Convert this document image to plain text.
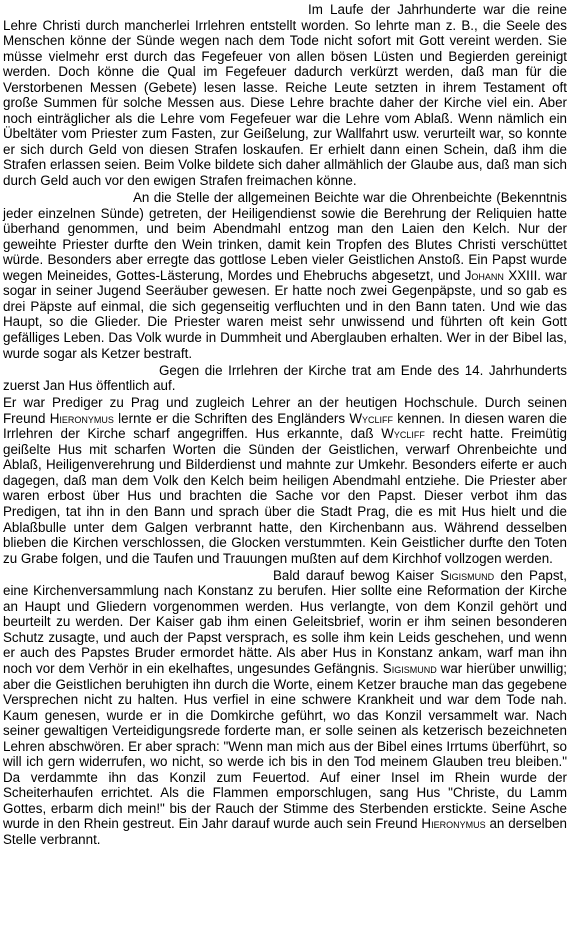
Im Laufe der Jahrhunderte war die reine Lehre Christi durch mancherlei Irrlehren entstellt worden. So lehrte man z. B., die Seele des Menschen könne der Sünde wegen nach dem Tode nicht sofort mit Gott vereint werden. Sie müsse vielmehr erst durch das Fegefeuer von allen bösen Lüsten und Begierden gereinigt werden. Doch könne die Qual im Fegefeuer dadurch verkürzt werden, daß man für die Verstorbenen Messen (Gebete) lesen lasse. Reiche Leute setzten in ihrem Testament oft große Summen für solche Messen aus. Diese Lehre brachte daher der Kirche viel ein. Aber noch einträglicher als die Lehre vom Fegefeuer war die Lehre vom Ablaß. Wenn nämlich ein Übeltäter vom Priester zum Fasten, zur Geißelung, zur Wallfahrt usw. verurteilt war, so konnte er sich durch Geld von diesen Strafen loskaufen. Er erhielt dann einen Schein, daß ihm die Strafen erlassen seien. Beim Volke bildete sich daher allmählich der Glaube aus, daß man sich durch Geld auch vor den ewigen Strafen freimachen könne.

An die Stelle der allgemeinen Beichte war die Ohrenbeichte (Bekenntnis jeder einzelnen Sünde) getreten, der Heiligendienst sowie die Berehrung der Reliquien hatte überhand genommen, und beim Abendmahl entzog man den Laien den Kelch. Nur der geweihte Priester durfte den Wein trinken, damit kein Tropfen des Blutes Christi verschüttet würde. Besonders aber erregte das gottlose Leben vieler Geistlichen Anstoß. Ein Papst wurde wegen Meineides, Gottes-Lästerung, Mordes und Ehebruchs abgesetzt, und Johann XXIII. war sogar in seiner Jugend Seeräuber gewesen. Er hatte noch zwei Gegenpäpste, und so gab es drei Päpste auf einmal, die sich gegenseitig verfluchten und in den Bann taten. Und wie das Haupt, so die Glieder. Die Priester waren meist sehr unwissend und führten oft kein Gott gefälliges Leben. Das Volk wurde in Dummheit und Aberglauben erhalten. Wer in der Bibel las, wurde sogar als Ketzer bestraft.

Gegen die Irrlehren der Kirche trat am Ende des 14. Jahrhunderts zuerst Jan Hus öffentlich auf.

Er war Prediger zu Prag und zugleich Lehrer an der heutigen Hochschule. Durch seinen Freund Hieronymus lernte er die Schriften des Engländers Wycliff kennen. In diesen waren die Irrlehren der Kirche scharf angegriffen. Hus erkannte, daß Wycliff recht hatte. Freimütig geißelte Hus mit scharfen Worten die Sünden der Geistlichen, verwarf Ohrenbeichte und Ablaß, Heiligenverehrung und Bilderdienst und mahnte zur Umkehr. Besonders eiferte er auch dagegen, daß man dem Volk den Kelch beim heiligen Abendmahl entziehe. Die Priester aber waren erbost über Hus und brachten die Sache vor den Papst. Dieser verbot ihm das Predigen, tat ihn in den Bann und sprach über die Stadt Prag, die es mit Hus hielt und die Ablaßbulle unter dem Galgen verbrannt hatte, den Kirchenbann aus. Während desselben blieben die Kirchen verschlossen, die Glocken verstummten. Kein Geistlicher durfte den Toten zu Grabe folgen, und die Taufen und Trauungen mußten auf dem Kirchhof vollzogen werden.

Bald darauf bewog Kaiser Sigismund den Papst, eine Kirchenversammlung nach Konstanz zu berufen. Hier sollte eine Reformation der Kirche an Haupt und Gliedern vorgenommen werden. Hus verlangte, von dem Konzil gehört und beurteilt zu werden. Der Kaiser gab ihm einen Geleitsbrief, worin er ihm seinen besonderen Schutz zusagte, und auch der Papst versprach, es solle ihm kein Leids geschehen, und wenn er auch des Papstes Bruder ermordet hätte. Als aber Hus in Konstanz ankam, warf man ihn noch vor dem Verhör in ein ekelhaftes, ungesundes Gefängnis. Sigismund war hierüber unwillig; aber die Geistlichen beruhigten ihn durch die Worte, einem Ketzer brauche man das gegebene Versprechen nicht zu halten. Hus verfiel in eine schwere Krankheit und war dem Tode nah. Kaum genesen, wurde er in die Domkirche geführt, wo das Konzil versammelt war. Nach seiner gewaltigen Verteidigungsrede forderte man, er solle seinen als ketzerisch bezeichneten Lehren abschwören. Er aber sprach: "Wenn man mich aus der Bibel eines Irrtums überführt, so will ich gern widerrufen, wo nicht, so werde ich bis in den Tod meinem Glauben treu bleiben." Da verdammte ihn das Konzil zum Feuertod. Auf einer Insel im Rhein wurde der Scheiterhaufen errichtet. Als die Flammen emporschlugen, sang Hus "Christe, du Lamm Gottes, erbarm dich mein!" bis der Rauch der Stimme des Sterbenden erstickte. Seine Asche wurde in den Rhein gestreut. Ein Jahr darauf wurde auch sein Freund Hieronymus an derselben Stelle verbrannt.
